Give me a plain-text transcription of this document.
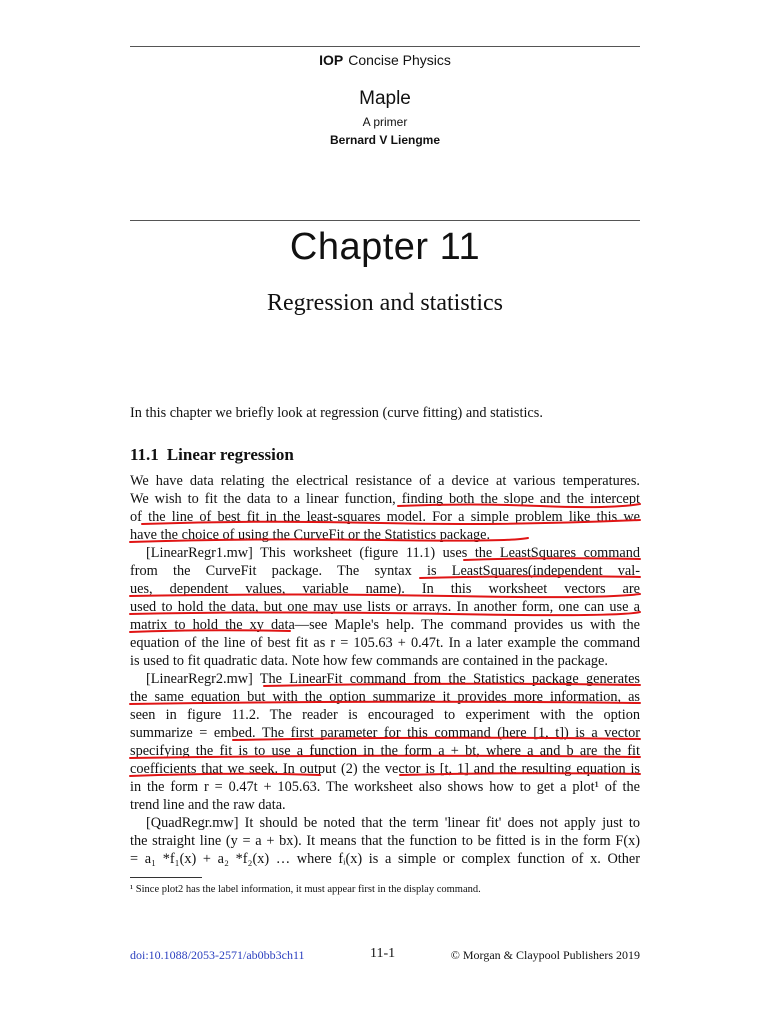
IOP Concise Physics
Maple
A primer
Bernard V Liengme
Chapter 11
Regression and statistics
In this chapter we briefly look at regression (curve fitting) and statistics.
11.1 Linear regression
We have data relating the electrical resistance of a device at various temperatures.
We wish to fit the data to a linear function, finding both the slope and the intercept
of the line of best fit in the least-squares model. For a simple problem like this we
have the choice of using the CurveFit or the Statistics package.
[LinearRegr1.mw] This worksheet (figure 11.1) uses the LeastSquares command
from the CurveFit package. The syntax is LeastSquares(independent val-
ues, dependent values, variable name). In this worksheet vectors are
used to hold the data, but one may use lists or arrays. In another form, one can use a
matrix to hold the xy data—see Maple's help. The command provides us with the
equation of the line of best fit as r = 105.63 + 0.47t. In a later example the command
is used to fit quadratic data. Note how few commands are contained in the package.
[LinearRegr2.mw] The LinearFit command from the Statistics package generates
the same equation but with the option summarize it provides more information, as
seen in figure 11.2. The reader is encouraged to experiment with the option
summarize = embed. The first parameter for this command (here [1, t]) is a vector
specifying the fit is to use a function in the form a + bt, where a and b are the fit
coefficients that we seek. In output (2) the vector is [t, 1] and the resulting equation is
in the form r = 0.47t + 105.63. The worksheet also shows how to get a plot¹ of the
trend line and the raw data.
[QuadRegr.mw] It should be noted that the term 'linear fit' does not apply just to
the straight line (y = a + bx). It means that the function to be fitted is in the form F(x)
= a₁ *f₁(x) + a₂ *f₂(x) … where fᵢ(x) is a simple or complex function of x. Other
¹ Since plot2 has the label information, it must appear first in the display command.
doi:10.1088/2053-2571/ab0bb3ch11	11-1	© Morgan & Claypool Publishers 2019
